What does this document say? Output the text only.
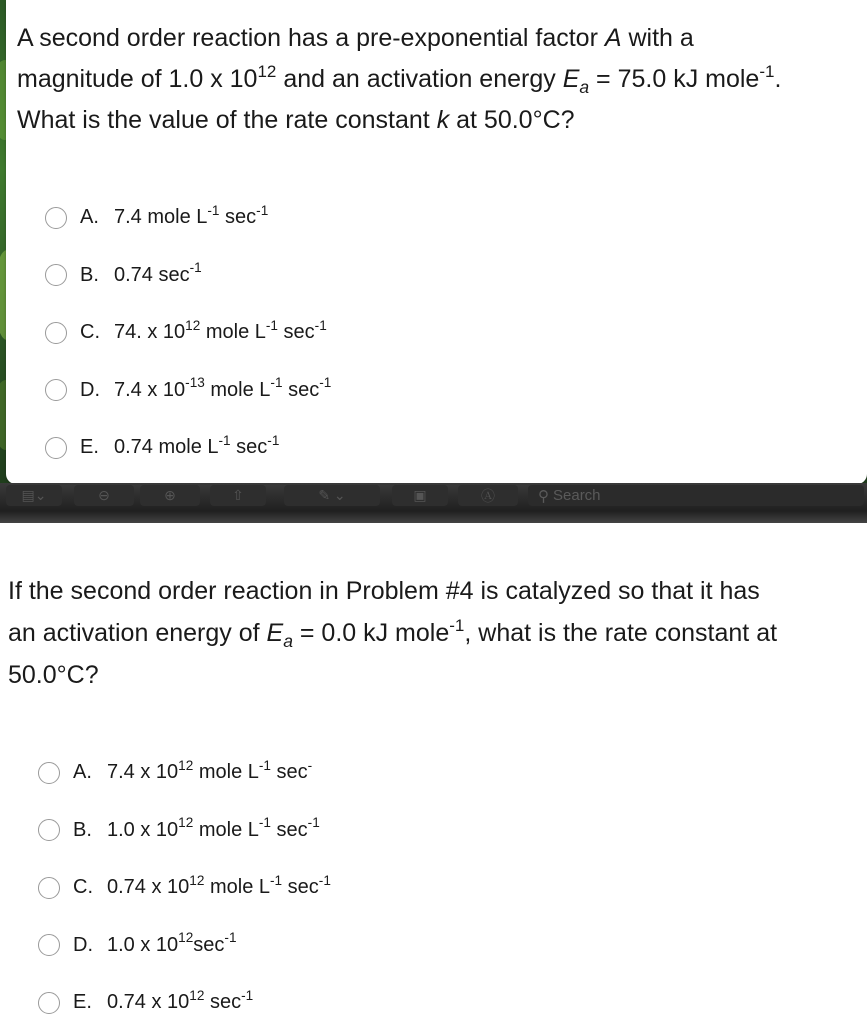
A second order reaction has a pre-exponential factor A with a
magnitude of 1.0 x $10^{12}$ and an activation energy $E_a = 75.0$ kJ mole$^{-1}$.
What is the value of the rate constant k at 50.0°C?

A. 7.4 mole $L^{-1}$ $\sec^{-1}$
B. 0.74 $\sec^{-1}$
C. 74. x $10^{12}$ mole $L^{-1}$ $\sec^{-1}$
D. 7.4 x $10^{-13}$ mole $L^{-1}$ $\sec^{-1}$
E. 0.74 mole $L^{-1}$ $\sec^{-1}$
▤⌄	⊖	⊕	⇧	✎ ⌄	▣	Ⓐ	⚲ Search

If the second order reaction in Problem #4 is catalyzed so that it has
an activation energy of $E_a = 0.0$ kJ mole$^{-1}$, what is the rate constant at
50.0°C?

A. 7.4 x $10^{12}$ mole $L^{-1}$ sec-
B. 1.0 x $10^{12}$ mole $L^{-1}$ $\sec^{-1}$
C. 0.74 x $10^{12}$ mole $L^{-1}$ $\sec^{-1}$
D. 1.0 x $10^{12}\sec^{-1}$
E. 0.74 x $10^{12}$ $\sec^{-1}$
